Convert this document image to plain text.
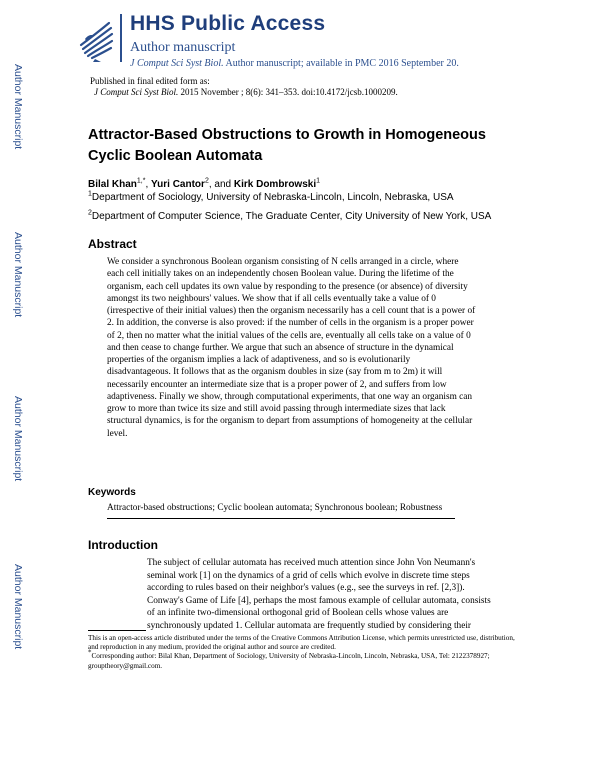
HHS Public Access
Author manuscript
J Comput Sci Syst Biol. Author manuscript; available in PMC 2016 September 20.
Author Manuscript
Author Manuscript
Author Manuscript
Author Manuscript
Published in final edited form as:
J Comput Sci Syst Biol. 2015 November ; 8(6): 341–353. doi:10.4172/jcsb.1000209.
Attractor-Based Obstructions to Growth in Homogeneous Cyclic Boolean Automata
Bilal Khan$^{1,*}$, Yuri Cantor$^2$, and Kirk Dombrowski$^1$
$^1$Department of Sociology, University of Nebraska-Lincoln, Lincoln, Nebraska, USA
$^2$Department of Computer Science, The Graduate Center, City University of New York, USA
Abstract
We consider a synchronous Boolean organism consisting of N cells arranged in a circle, where
each cell initially takes on an independently chosen Boolean value. During the lifetime of the
organism, each cell updates its own value by responding to the presence (or absence) of diversity
amongst its two neighbours' values. We show that if all cells eventually take a value of 0
(irrespective of their initial values) then the organism necessarily has a cell count that is a power of
2. In addition, the converse is also proved: if the number of cells in the organism is a proper power
of 2, then no matter what the initial values of the cells are, eventually all cells take on a value of 0
and then cease to change further. We argue that such an absence of structure in the dynamical
properties of the organism implies a lack of adaptiveness, and so is evolutionarily
disadvantageous. It follows that as the organism doubles in size (say from m to 2m) it will
necessarily encounter an intermediate size that is a proper power of 2, and suffers from low
adaptiveness. Finally we show, through computational experiments, that one way an organism can
grow to more than twice its size and still avoid passing through intermediate sizes that lack
structural dynamics, is for the organism to depart from assumptions of homogeneity at the cellular
level.
Keywords
Attractor-based obstructions; Cyclic boolean automata; Synchronous boolean; Robustness
Introduction
The subject of cellular automata has received much attention since John Von Neumann's
seminal work [1] on the dynamics of a grid of cells which evolve in discrete time steps
according to rules based on their neighbor's values (e.g., see the surveys in ref. [2,3]).
Conway's Game of Life [4], perhaps the most famous example of cellular automata, consists
of an infinite two-dimensional orthogonal grid of Boolean cells whose values are
synchronously updated 1. Cellular automata are frequently studied by considering their

This is an open-access article distributed under the terms of the Creative Commons Attribution License, which permits unrestricted use, distribution, and reproduction in any medium, provided the original author and source are credited.

*Corresponding author: Bilal Khan, Department of Sociology, University of Nebraska-Lincoln, Lincoln, Nebraska, USA, Tel: 2122378927; grouptheory@gmail.com.
